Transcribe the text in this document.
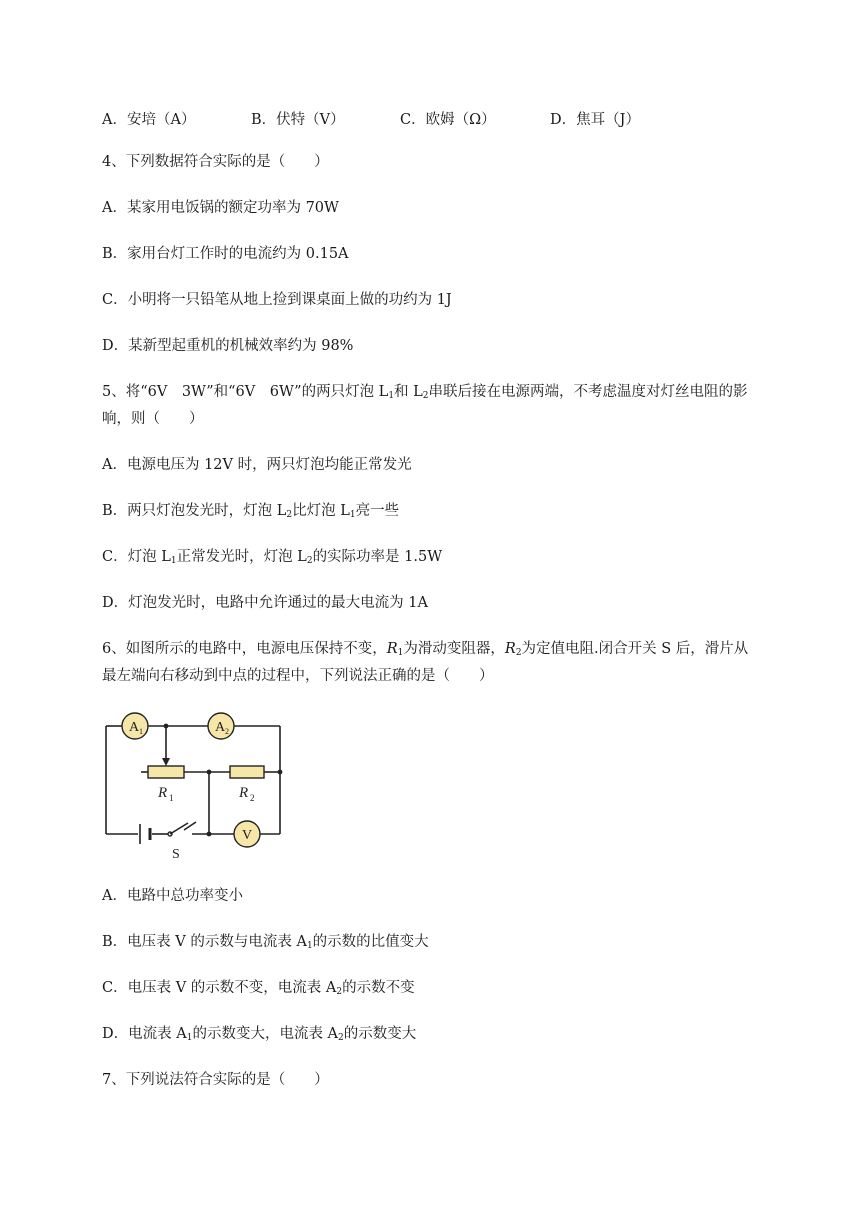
A．安培（A）	B．伏特（V）	C．欧姆（Ω）	D．焦耳（J）
4、下列数据符合实际的是（　　）
A．某家用电饭锅的额定功率为 70W
B．家用台灯工作时的电流约为 0.15A
C．小明将一只铅笔从地上捡到课桌面上做的功约为 1J
D．某新型起重机的机械效率约为 98%
5、将“6V　3W”和“6V　6W”的两只灯泡 $L_1$和 $L_2$串联后接在电源两端，不考虑温度对灯丝电阻的影
响，则（　　）
A．电源电压为 12V 时，两只灯泡均能正常发光
B．两只灯泡发光时，灯泡 $L_2$比灯泡 $L_1$亮一些
C．灯泡 $L_1$正常发光时，灯泡 $L_2$的实际功率是 1.5W
D．灯泡发光时，电路中允许通过的最大电流为 1A
6、如图所示的电路中，电源电压保持不变，$R_1$为滑动变阻器，$R_2$为定值电阻.闭合开关 S 后，滑片从
最左端向右移动到中点的过程中，下列说法正确的是（　　）
A 1	A 2
V
R 1	R 2
S
A．电路中总功率变小
B．电压表 V 的示数与电流表 $A_1$的示数的比值变大
C．电压表 V 的示数不变，电流表 $A_2$的示数不变
D．电流表 $A_1$的示数变大，电流表 $A_2$的示数变大
7、下列说法符合实际的是（　　）
